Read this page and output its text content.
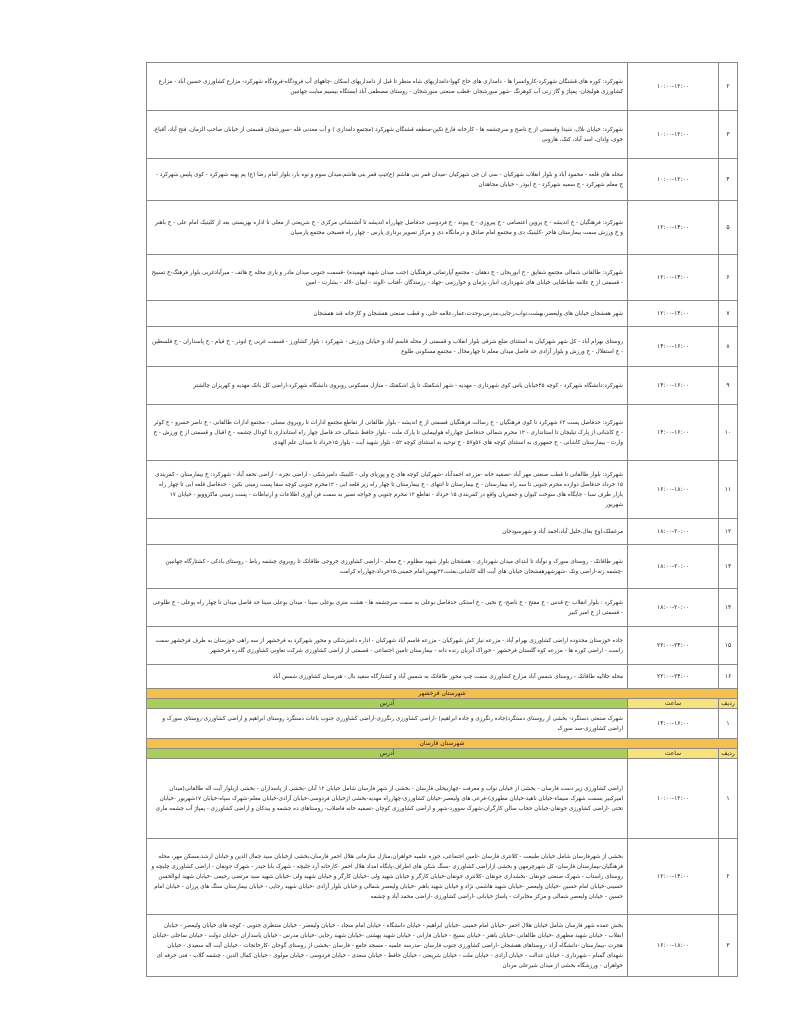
۲	۱۰:۰۰-۱۲:۰۰	شهرکرد: کوره های قشنگان شهرکرد-کاروانسرا ها - دامداری های حاج کهوا-دامداریهای شاه منظر تا قبل از دامداریهای اسکان -چاههای آب فرودگاه-فرودگاه شهرکرد- مزارع کشاورزی حسین آباد - مزارع کشاورزی هولیجان- پمپاژ و گاز زنی آب کوهرنگ -شهر سورشجان -قطب صنعتی سورشجان - روستای مصطفی آباد ایستگاه بیسیم سایت جهانبین
۳	۱۰:۰۰-۱۲:۰۰	شهرکرد: خیابان بلال، شیدا وقسمتی از خ ناصح و سرچشمه ها - کارخانه فارغ نکین-منطقه قشنگان شهرکرد (مجتمع دامداری ) و آب معدنی قله -سورشجان قسمتی از خیابان صاحب الزمان، فتح آباد، آقباغ، خوی، وادان، اسد آباد، کنک، هارونی
۴	۱۰:۰۰-۱۲:۰۰	محله های قلعه - محمود آباد و بلوار انقلاب شهرکیان - سی ان جی شهرکیان -میدان قمر بنی هاشم (ع)تیپ قمر بنی هاشم،میدان سوم و نوه بار، بلوار امام رضا (ع) پم پهنه شهرکرد - کوی پلیس شهرکرد - خ معلم شهرکرد - خ سمیه شهرکرد - خ ابوذر - خیابان مجاهدان
۵	۱۲:۰۰-۱۴:۰۰	شهرکرد: فرهنگیان - خ اندیشه - خ پروین اعتصامی - خ پیروزی - خ پیوند - خ فردوسی حدفاصل چهارراه اندیشه تا آتشنشانی مرکزی - خ شریعتی از معلی تا اداره بهزیستی بعد از کلینیک امام علی - خ باهنر و خ ورزش سمت بیمارستان هاجر -کلینیک دی و مجتمع امام صادق و درمانگاه دی و مرکز تصویر برداری پارس - چهار راه فصیحی مجتمع پارسیان
۶	۱۲:۰۰-۱۴:۰۰	شهرکرد: طالقانی شمالی مجتمع شقایق - خ ابوریحان - خ دهقان - مجتمع آپارتمانی فرهنگیان (جنب میدان شهید فهمیده) -قسمت جنوبی میدان مادر و یاری محله خ هاتف - میرآبادغربی بلوار فرهنگ-خ تسبیح - قسمتی از خ علامه طباطبایی خیابان های شهرداری، انبار، پژمان و خوارزمی -جهاد - رزمندگان -آفتاب -الوند - ایمان -لاله - بشارت - امین
۷	۱۲:۰۰-۱۴:۰۰	شهر هفشجان خیابان های ولیعصر،بهشت،نواب،رجایی،مدرس،وحدت،عمار،علامه حلی، و قطب صنعتی هفشجان و کارخانه قند هفشجان
۸	۱۴:۰۰-۱۶:۰۰	روستای بهرام آباد - کل شهر شهرکیان به استثنای ضلع شرقی بلوار انقلاب و قسمتی از محله قاسم آباد و خیابان ورزش - شهرکرد : بلوار کشاورز - قسمت غربی خ ابوذر - خ قیام - خ پاسداران - خ فلسطین - خ استقلال - خ ورزش و بلوار آزادی حد فاصل میدان معلم تا چهارمحال - مجتمع مسکونی طلوع
۹	۱۴:۰۰-۱۶:۰۰	شهرکرد:دانشگاه شهرکرد - کوچه ۴۵خیابان یاس کوی شهرداری - مهدیه - شهر اشکفتک تا پل اشکفتک - منازل مسکونی روبروی دانشگاه شهرکرد-اراضی کل بانک مهدیه و کهریزان چالشتر
۱۰	۱۴:۰۰-۱۶:۰۰	شهرکرد: حدفاصل پست ۶۳ شهرکرد تا کوی فرهنگیان - خ رسالت فرهنگیان قسمتی از خ اندیشه - بلوار طالقانی از تقاطع مجتمع ادارات تا روبروی مصلی - مجتمع ادارات طالقانی - خ ناصر خسرو - خ کوثر - خ کاشانی از پارک تیلیجان تا استانداری - ۱۲ محرم شمالی حدفاصل چهارراه هواپیمایی تا پارک ملت - بلوار حافظ شمالی حد فاصل چهار راه استانداری تا کودال چشمه - خ اقبال و قسمتی از خ ورزش - خ وارث - بیمارستان کاشانی - خ جمهوری به استثنای کوچه های ۵۶و۵۷ - خ توحید به استثنای کوچه ۵۲ - بلوار شهید آیت - بلوار ۱۵خرداد تا میدان علم الهدی
۱۱	۱۶:۰۰-۱۸:۰۰	شهرکرد: بلوار طالقانی تا قطب صنعتی مهر آباد -تصفیه خانه -مزرعه احمدآباد -شهرکیان کوچه های ع و پوریای ولی - کلینیک دامپزشکی - اراضی نجره - اراضی تحفه آباد - شهرکرد: خ بیمارستان - کمربندی ۱۵ خرداد حدفاصل دوازده محرم جنوبی تا سه راه بیمارستان - خ بیمارستان تا انتهای - خ بیمارستان تا چهار راه زیر قلعه ابی - ۱۲محرم جنوبی کوچه سقا پست زمینی نکین - حدفاصل قلعه ابی تا چهار راه بازار طرف سبا - جایگاه های سوخت کیوان و جعفریان واقع در کمربندی ۱۵ خرداد - تقاطع ۱۲ محرم جنوبی و خواجه نصیر به سمت فن آوری اطلاعات و ارتباطات - پست زمینی ماکروویو - خیابان ۱۷ شهریور
۱۲	۱۸:۰۰-۲۰:۰۰	مرغملک،اوج بغال،خلیل آباد،احمد آباد و شهرسودجان
۱۳	۱۸:۰۰-۲۰:۰۰	شهر طاقانک - روستای سورک و نوآباد تا ابتدای میدان شهرداری - هفشجان بلوار شهید مظلوم - خ معلم - اراضی کشاورزی خروجی طاقانک تا روبروی چشمه رباط - روستای بادکی - کشتارگاه جهانبین -چشمه زنه-اراضی ونک -شهرشهرهفشجان خیابان های آیت الله کاشانی،بعثت،۲۲بهمن،امام خمینی،۱۵خرداد،چهارراه کرامت
۱۴	۱۸:۰۰-۲۰:۰۰	شهرکرد : بلوار انقلاب -خ قدس - خ مفتح - خ ناصح- خ نخبی - خ استکی حدفاصل بوعلی به سمت سرچشمه ها - هشت متری بوعلی سینا - میدان بوعلی سینا حد فاصل میدان تا چهار راه بوعلی - خ طلوعی - قسمتی از خ امیر کبیر
۱۵	۲۲:۰۰-۲۴:۰۰	جاده خوزستان محدوده اراضی کشاورزی بهرام آباد - مزرعه نیاز کش شهرکیان - مزرعه قاسم آباد شهرکیان - اداره دامپزشکی و محور شهرکرد به فرخشهر از سه راهی خوزستان به طرف فرخشهر سمت راست - اراضی کوره ها - مزرعه کوه گلستان فرخشهر - خوراک آبزیان رنده دانه - بیمارستان تامین اجتماعی - قسمتی از اراضی کشاورزی شرکت تعاونی کشاورزی گلدره فرخشهر
۱۶	۲۲:۰۰-۲۴:۰۰	محله جلالیه طاقانک - روستای شمس آباد مزارع کشاورزی سمت چپ محور طاقانک به شمس آباد و کشتارگاه سفید بال - هنرستان کشاورزی شمس آباد
شهرستان فرخشهر		
ردیف	ساعت	آدرس
۱	۱۴:۰۰-۱۶:۰۰	شهرک صنعتی دستگرد- بخشی از روستای دستگرد(جاده رنگرزی و جاده ابراهیم) -اراضی کشاورزی رنگرزی-اراضی کشاورزی جنوب باغات دستگرد روستای ابراهیم و اراضی کشاورزی-روستای سورک و اراضی کشاورزی-سد سورک
شهرستان فارسان		
ردیف	ساعت	آدرس
۱	۱۰:۰۰-۱۲:۰۰	اراضی کشاورزی زیر دست فارسان - بخشی از خیابان نواب و معرفت -چهاربیحلی فارسان - بخشی از شهر فارسان شامل خیابان ۱۲ آبان -بخشی از پاسداران - بخشی ازبلوار آیت اله طالقانی(میدان امیرکبیر بسمت شهرک سیماء-خیابان ناهید-خیابان مطهری)-فرعی های ولیعصر-خیابان کشاورزی-چهارراه مهدیه-بخشی ازخیابان فردوسی-خیابان آزادی-خیابان معلم-شهرک سپاه-خیابان ۱۷شهریور -خیابان تختی -اراضی کشاورزی جونقان-خیابان حجاب سالن کارگران-شهرک سوورد-شهر و اراضی کشاورزی کوچان -تصفیه خانه فاضلاب- روستاهای ده چشمه و بیدکان و اراضی کشاورزی - پمپاژ آب چشمه ماری
۲	۱۲:۰۰-۱۴:۰۰	بخشی از شهرفارسان شامل خیابان طبیعت - کلانتری فارسان -تامین اجتماعی، حوزه علمیه خواهران،منازل سازمانی هلال احمر فارسان،بخشی ازخیابان سید جمال الدین و خیابان ارشد،مسکن مهر، محله فرهنگیان-بیمارستان فارسان- کل شهرچرمهن و بخشی ازاراضی کشاورزی -سنگ شکن های اطراف-پایگاه امداد هلال احمر -کارخانه آرد جلیچه - شهرک بابا حیدر - شهرک جونقان - اراضی کشاورزی چلیچه و روستای راستاب - شهرک صنعتی جونقان -بخشداری جونقان -کلانتری جونقان-خیابان کارگر و خیابان شهید ولی -خیابان کارگر و خیابان شهید ولی -خیابان شهید سید مرتضی رحیمی -خیابان شهید ابوالحسن حسینی-خیابان امام حسین -خیابان ولیعصر -خیابان شهید هاشمی نژاد و خیابان شهید باهنر -خیابان ولیعصر شمالی و خیابان بلوار آزادی -خیابان شهید رجایی - خیابان بیمارستان سنگ های پرزان - خیابان امام حسین - خیابان ولیعصر شمالی و مرکز مخابرات - پاساژ خیابانی -اراضی کشاورزی -اراضی محمد آباد و چشمه
۳	۱۶:۰۰-۱۸:۰۰	بخش عمده شهر فارسان شامل خیابان هلال احمر -خیابان امام خمینی -خیابان ابراهیم - خیابان دانشگاه - خیابان امام سجاد - خیابان ولیعصر - خیابان منتظری جنوبی - کوچه های خیابان ولیعصر - خیابان انقلاب - خیابان شهید مطهری -خیابان طالقانی -خیابان باهنر - خیابان بسیج - خیابان فارابی - خیابان شهید بهشتی -خیابان شهید رجایی -خیابان مدرس - خیابان پاسداران -خیابان دولت - خیابان ساحلی -خیابان هجرت -بیمارستان -دانشگاه آزاد -روستاهای هفشجان -اراضی کشاورزی جنوب فارسان -مدرسه علمیه - مسجد جامع - فارسان -بخشی از روستای گوجان -کارخانجات - خیابان آیت اله سعیدی - خیابان شهدای گمنام - شهرداری - خیابان عدالت - خیابان آزادی - خیابان ملت - خیابان شریعتی - خیابان حافظ - خیابان سعدی - خیابان فردوسی - خیابان مولوی - خیابان کمال الدین - چشمه گلاب - فنی حرفه ای خواهران - ورزشگاه بخشی از میدان شیرعلی مردان
